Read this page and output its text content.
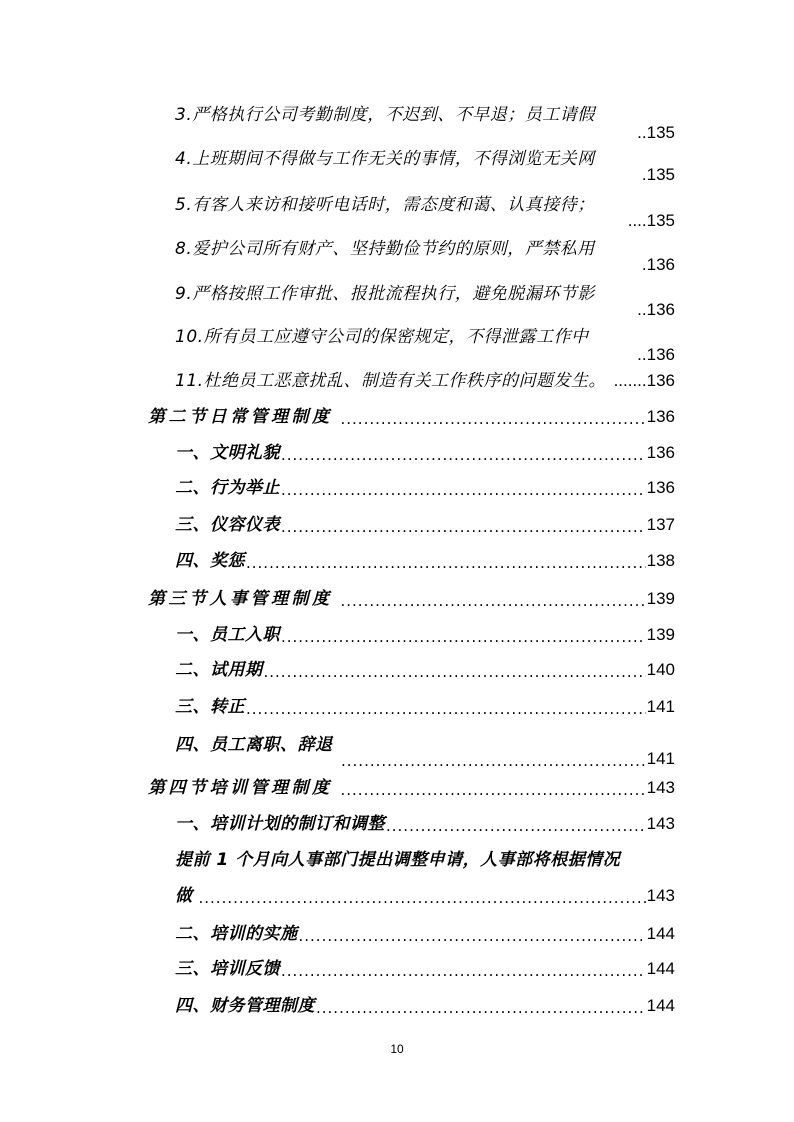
3.严格执行公司考勤制度，不迟到、不早退；员工请假
..135
4.上班期间不得做与工作无关的事情，不得浏览无关网
.135
5.有客人来访和接听电话时，需态度和蔼、认真接待；
....135
8.爱护公司所有财产、坚持勤俭节约的原则，严禁私用
.136
9.严格按照工作审批、报批流程执行，避免脱漏环节影
..136
10.所有员工应遵守公司的保密规定，不得泄露工作中
..136
11.杜绝员工恶意扰乱、制造有关工作秩序的问题发生。 .......136
第二节日常管理制度 .....	136
一、文明礼貌 .....	136
二、行为举止 .....	136
三、仪容仪表 .....	137
四、奖惩 .....	138
第三节人事管理制度 .....	139
一、员工入职 .....	139
二、试用期 .....	140
三、转正 .....	141
四、员工离职、辞退
.....
141
第四节培训管理制度 .....	143
一、培训计划的制订和调整 .....	143
提前 1 个月向人事部门提出调整申请，人事部将根据情况
做 .....	143
二、培训的实施 .....	144
三、培训反馈 .....	144
四、财务管理制度 .....	144
10
